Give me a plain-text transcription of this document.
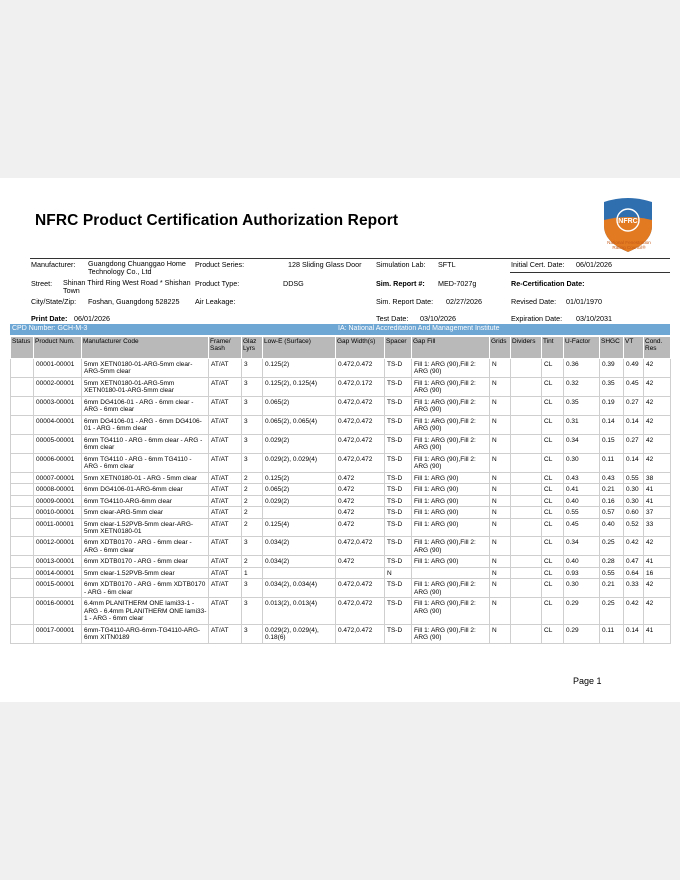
NFRC Product Certification Authorization Report	NFRC
National Fenestration
Rating Council®
Manufacturer: Guangdong Chuanggao Home Technology Co., Ltd
Product Series:	128 Sliding Glass Door Simulation Lab: SFTL	Initial Cert. Date: 06/01/2026
Street: Shinan Third Ring West Road * Shishan Town
Product Type:	DDSG	Sim. Report #: MED-7027g	Re-Certification Date:
City/State/Zip: Foshan, Guangdong 528225 Air Leakage:	Sim. Report Date: 02/27/2026	Revised Date: 01/01/1970
Print Date: 06/01/2026	Test Date: 03/10/2026	Expiration Date: 03/10/2031
CPD Number: GCH-M-3	IA: National Accreditation And Management Institute
Status	Product Num.	Manufacturer Code	Frame/ Sash	Glaz Lyrs	Low-E (Surface)	Gap Width(s)	Spacer	Gap Fill	Grids	Dividers	Tint	U-Factor	SHGC	VT	Cond. Res
	00001-00001	5mm XETN0180-01-ARG-5mm clear-ARG-5mm clear	AT/AT	3	0.125(2)	0.472,0.472	TS-D	Fill 1: ARG (90),Fill 2: ARG (90)	N		CL	0.36	0.39	0.49	42
	00002-00001	5mm XETN0180-01-ARG-5mm XETN0180-01-ARG-5mm clear	AT/AT	3	0.125(2), 0.125(4)	0.472,0.172	TS-D	Fill 1: ARG (90),Fill 2: ARG (90)	N		CL	0.32	0.35	0.45	42
	00003-00001	6mm DG4106-01 - ARG - 6mm clear - ARG - 6mm clear	AT/AT	3	0.065(2)	0.472,0.472	TS-D	Fill 1: ARG (90),Fill 2: ARG (90)	N		CL	0.35	0.19	0.27	42
	00004-00001	6mm DG4106-01 - ARG - 6mm DG4106-01 - ARG - 6mm clear	AT/AT	3	0.065(2), 0.065(4)	0.472,0.472	TS-D	Fill 1: ARG (90),Fill 2: ARG (90)	N		CL	0.31	0.14	0.14	42
	00005-00001	6mm TG4110 - ARG - 6mm clear - ARG - 6mm clear	AT/AT	3	0.029(2)	0.472,0.472	TS-D	Fill 1: ARG (90),Fill 2: ARG (90)	N		CL	0.34	0.15	0.27	42
	00006-00001	6mm TG4110 - ARG - 6mm TG4110 - ARG - 6mm clear	AT/AT	3	0.029(2), 0.029(4)	0.472,0.472	TS-D	Fill 1: ARG (90),Fill 2: ARG (90)	N		CL	0.30	0.11	0.14	42
	00007-00001	5mm XETN0180-01 - ARG - 5mm clear	AT/AT	2	0.125(2)	0.472	TS-D	Fill 1: ARG (90)	N		CL	0.43	0.43	0.55	38
	00008-00001	6mm DG4106-01-ARG-6mm clear	AT/AT	2	0.065(2)	0.472	TS-D	Fill 1: ARG (90)	N		CL	0.41	0.21	0.30	41
	00009-00001	6mm TG4110-ARG-6mm clear	AT/AT	2	0.029(2)	0.472	TS-D	Fill 1: ARG (90)	N		CL	0.40	0.16	0.30	41
	00010-00001	5mm clear-ARG-5mm clear	AT/AT	2		0.472	TS-D	Fill 1: ARG (90)	N		CL	0.55	0.57	0.60	37
	00011-00001	5mm clear-1.52PVB-5mm clear-ARG-5mm XETN0180-01	AT/AT	2	0.125(4)	0.472	TS-D	Fill 1: ARG (90)	N		CL	0.45	0.40	0.52	33
	00012-00001	6mm XDTB0170 - ARG - 6mm clear - ARG - 6mm clear	AT/AT	3	0.034(2)	0.472,0.472	TS-D	Fill 1: ARG (90),Fill 2: ARG (90)	N		CL	0.34	0.25	0.42	42
	00013-00001	6mm XDTB0170 - ARG - 6mm clear	AT/AT	2	0.034(2)	0.472	TS-D	Fill 1: ARG (90)	N		CL	0.40	0.28	0.47	41
	00014-00001	5mm clear-1.52PVB-5mm clear	AT/AT	1			N		N		CL	0.93	0.55	0.64	16
	00015-00001	6mm XDTB0170 - ARG - 6mm XDTB0170 - ARG - 6m clear	AT/AT	3	0.034(2), 0.034(4)	0.472,0.472	TS-D	Fill 1: ARG (90),Fill 2: ARG (90)	N		CL	0.30	0.21	0.33	42
	00016-00001	6.4mm PLANITHERM ONE lami33-1 - ARG - 6.4mm PLANITHERM ONE lami33-1 - ARG - 6mm clear	AT/AT	3	0.013(2), 0.013(4)	0.472,0.472	TS-D	Fill 1: ARG (90),Fill 2: ARG (90)	N		CL	0.29	0.25	0.42	42
	00017-00001	6mm-TG4110-ARG-6mm-TG4110-ARG-6mm XITN0189	AT/AT	3	0.029(2), 0.029(4), 0.18(6)	0.472,0.472	TS-D	Fill 1: ARG (90),Fill 2: ARG (90)	N		CL	0.29	0.11	0.14	41
Page 1
